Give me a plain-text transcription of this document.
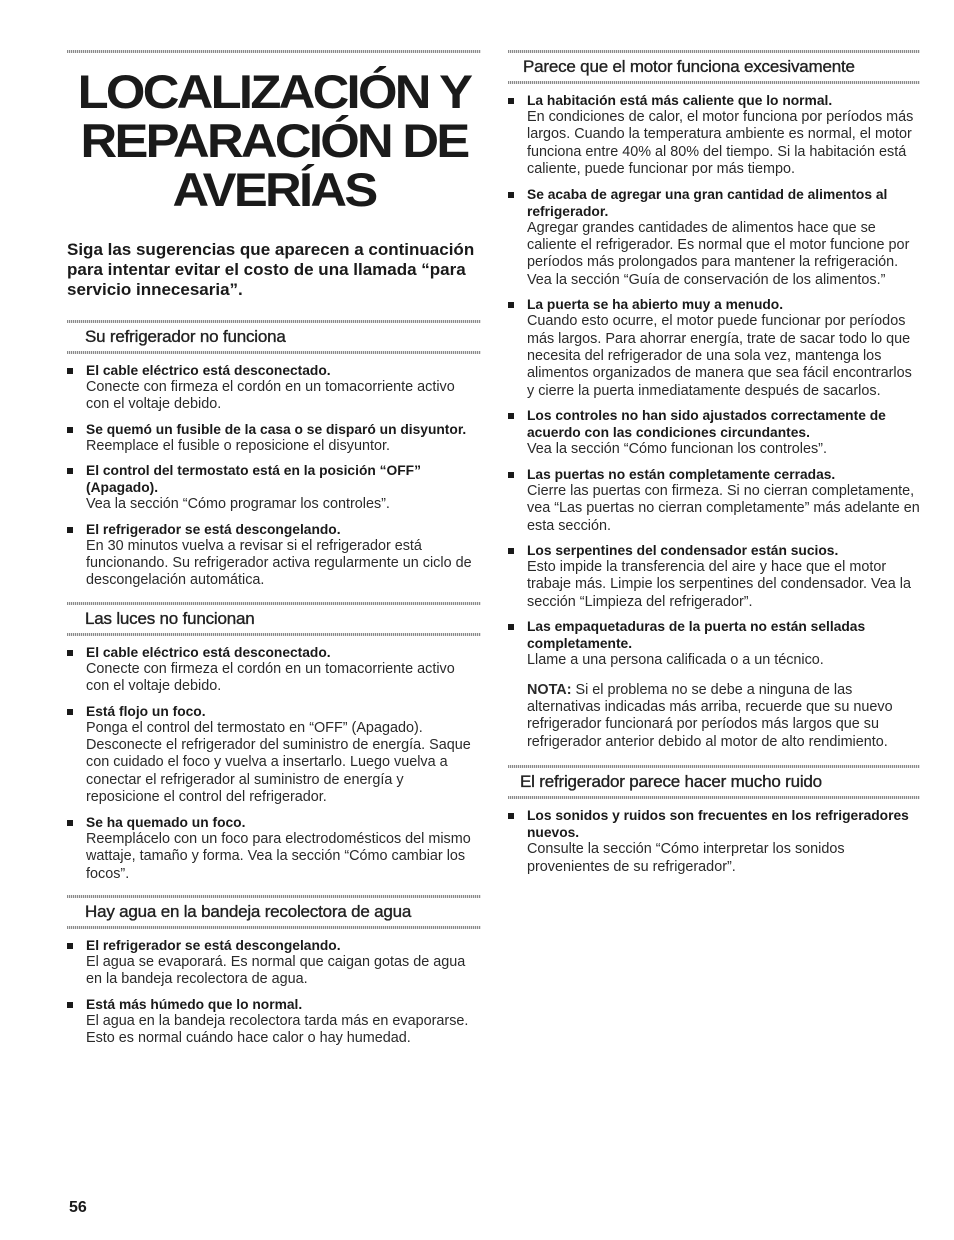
LOCALIZACIÓN Y
REPARACIÓN DE
AVERÍAS
Siga las sugerencias que aparecen a continuación para intentar evitar el costo de una llamada “para servicio innecesaria”.
Su refrigerador no funciona
El cable eléctrico está desconectado.
Conecte con firmeza el cordón en un tomacorriente activo con el voltaje debido.
Se quemó un fusible de la casa o se disparó un disyuntor.
Reemplace el fusible o reposicione el disyuntor.
El control del termostato está en la posición “OFF” (Apagado).
Vea la sección “Cómo programar los controles”.
El refrigerador se está descongelando.
En 30 minutos vuelva a revisar si el refrigerador está funcionando. Su refrigerador activa regularmente un ciclo de descongelación automática.
Las luces no funcionan
El cable eléctrico está desconectado.
Conecte con firmeza el cordón en un tomacorriente activo con el voltaje debido.
Está flojo un foco.
Ponga el control del termostato en “OFF” (Apagado). Desconecte el refrigerador del suministro de energía. Saque con cuidado el foco y vuelva a insertarlo. Luego vuelva a conectar el refrigerador al suministro de energía y reposicione el control del refrigerador.
Se ha quemado un foco.
Reemplácelo con un foco para electrodomésticos del mismo wattaje, tamaño y forma. Vea la sección “Cómo cambiar los focos”.
Hay agua en la bandeja recolectora de agua
El refrigerador se está descongelando.
El agua se evaporará. Es normal que caigan gotas de agua en la bandeja recolectora de agua.
Está más húmedo que lo normal.
El agua en la bandeja recolectora tarda más en evaporarse. Esto es normal cuándo hace calor o hay humedad.
Parece que el motor funciona excesivamente
La habitación está más caliente que lo normal.
En condiciones de calor, el motor funciona por períodos más largos. Cuando la temperatura ambiente es normal, el motor funciona entre 40% al 80% del tiempo. Si la habitación está caliente, puede funcionar por más tiempo.
Se acaba de agregar una gran cantidad de alimentos al refrigerador.
Agregar grandes cantidades de alimentos hace que se caliente el refrigerador. Es normal que el motor funcione por períodos más prolongados para mantener la refrigeración. Vea la sección “Guía de conservación de los alimentos.”
La puerta se ha abierto muy a menudo.
Cuando esto ocurre, el motor puede funcionar por períodos más largos. Para ahorrar energía, trate de sacar todo lo que necesita del refrigerador de una sola vez, mantenga los alimentos organizados de manera que sea fácil encontrarlos y cierre la puerta inmediatamente después de sacarlos.
Los controles no han sido ajustados correctamente de acuerdo con las condiciones circundantes.
Vea la sección “Cómo funcionan los controles”.
Las puertas no están completamente cerradas.
Cierre las puertas con firmeza. Si no cierran completamente, vea “Las puertas no cierran completamente” más adelante en esta sección.
Los serpentines del condensador están sucios.
Esto impide la transferencia del aire y hace que el motor trabaje más. Limpie los serpentines del condensador. Vea la sección “Limpieza del refrigerador”.
Las empaquetaduras de la puerta no están selladas completamente.
Llame a una persona calificada o a un técnico.
NOTA: Si el problema no se debe a ninguna de las alternativas indicadas más arriba, recuerde que su nuevo refrigerador funcionará por períodos más largos que su refrigerador anterior debido al motor de alto rendimiento.
El refrigerador parece hacer mucho ruido
Los sonidos y ruidos son frecuentes en los refrigeradores nuevos.
Consulte la sección “Cómo interpretar los sonidos provenientes de su refrigerador”.
56
